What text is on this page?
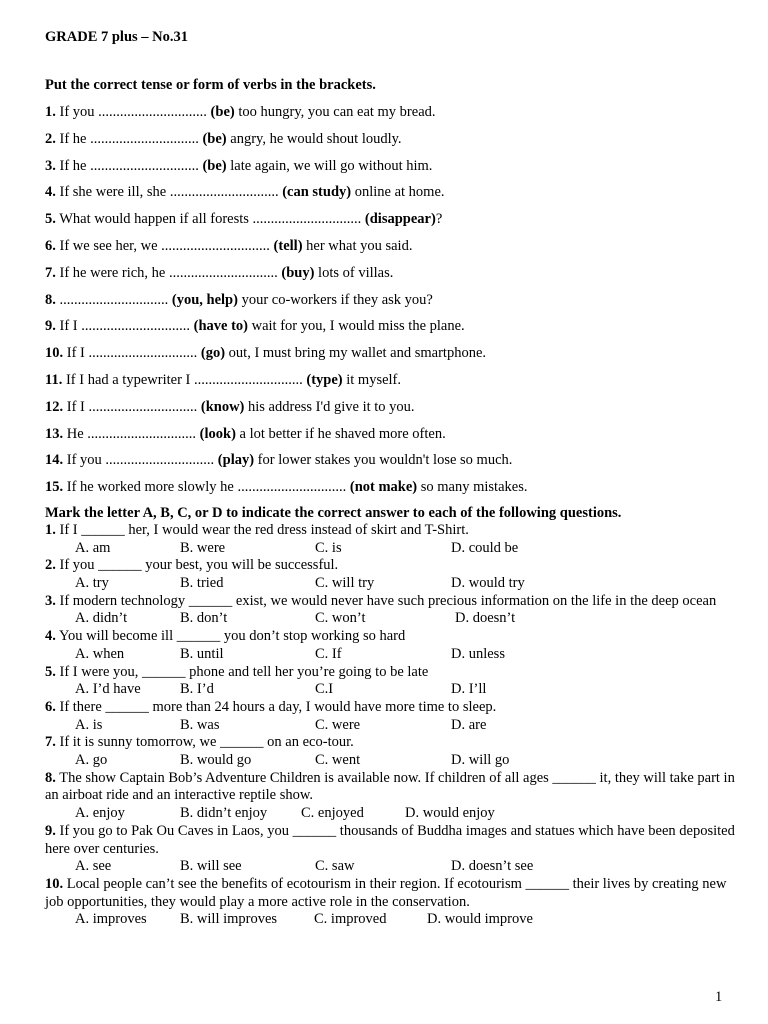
GRADE 7 plus – No.31
Put the correct tense or form of verbs in the brackets.
1. If you .............................. (be) too hungry, you can eat my bread.
2. If he .............................. (be) angry, he would shout loudly.
3. If he .............................. (be) late again, we will go without him.
4. If she were ill, she .............................. (can study) online at home.
5. What would happen if all forests .............................. (disappear)?
6. If we see her, we .............................. (tell) her what you said.
7. If he were rich, he .............................. (buy) lots of villas.
8. .............................. (you, help) your co-workers if they ask you?
9. If I .............................. (have to) wait for you, I would miss the plane.
10. If I .............................. (go) out, I must bring my wallet and smartphone.
11. If I had a typewriter I .............................. (type) it myself.
12. If I .............................. (know) his address I'd give it to you.
13. He .............................. (look) a lot better if he shaved more often.
14. If you .............................. (play) for lower stakes you wouldn't lose so much.
15. If he worked more slowly he .............................. (not make) so many mistakes.
Mark the letter A, B, C, or D to indicate the correct answer to each of the following questions.
1. If I ______ her, I would wear the red dress instead of skirt and T-Shirt.
A. am	B. were	C. is	D. could be
2. If you ______ your best, you will be successful.
A. try	B. tried	C. will try	D. would try
3. If modern technology ______ exist, we would never have such precious information on the life in the deep ocean
A. didn’t	B. don’t	C. won’t	D. doesn’t
4. You will become ill ______ you don’t stop working so hard
A. when	B. until	C. If	D. unless
5. If I were you, ______ phone and tell her you’re going to be late
A. I’d have	B. I’d	C.I	D. I’ll
6. If there ______ more than 24 hours a day, I would have more time to sleep.
A. is	B. was	C. were	D. are
7. If it is sunny tomorrow, we ______ on an eco-tour.
A. go	B. would go	C. went	D. will go
8. The show Captain Bob’s Adventure Children is available now. If children of all ages ______ it, they will take part in an airboat ride and an interactive reptile show.
A. enjoy	B. didn’t enjoy C. enjoyed	D. would enjoy
9. If you go to Pak Ou Caves in Laos, you ______ thousands of Buddha images and statues which have been deposited here over centuries.
A. see	B. will see	C. saw	D. doesn’t see
10. Local people can’t see the benefits of ecotourism in their region. If ecotourism ______ their lives by creating new job opportunities, they would play a more active role in the conservation.
A. improves B. will improves	C. improved	D. would improve
1
